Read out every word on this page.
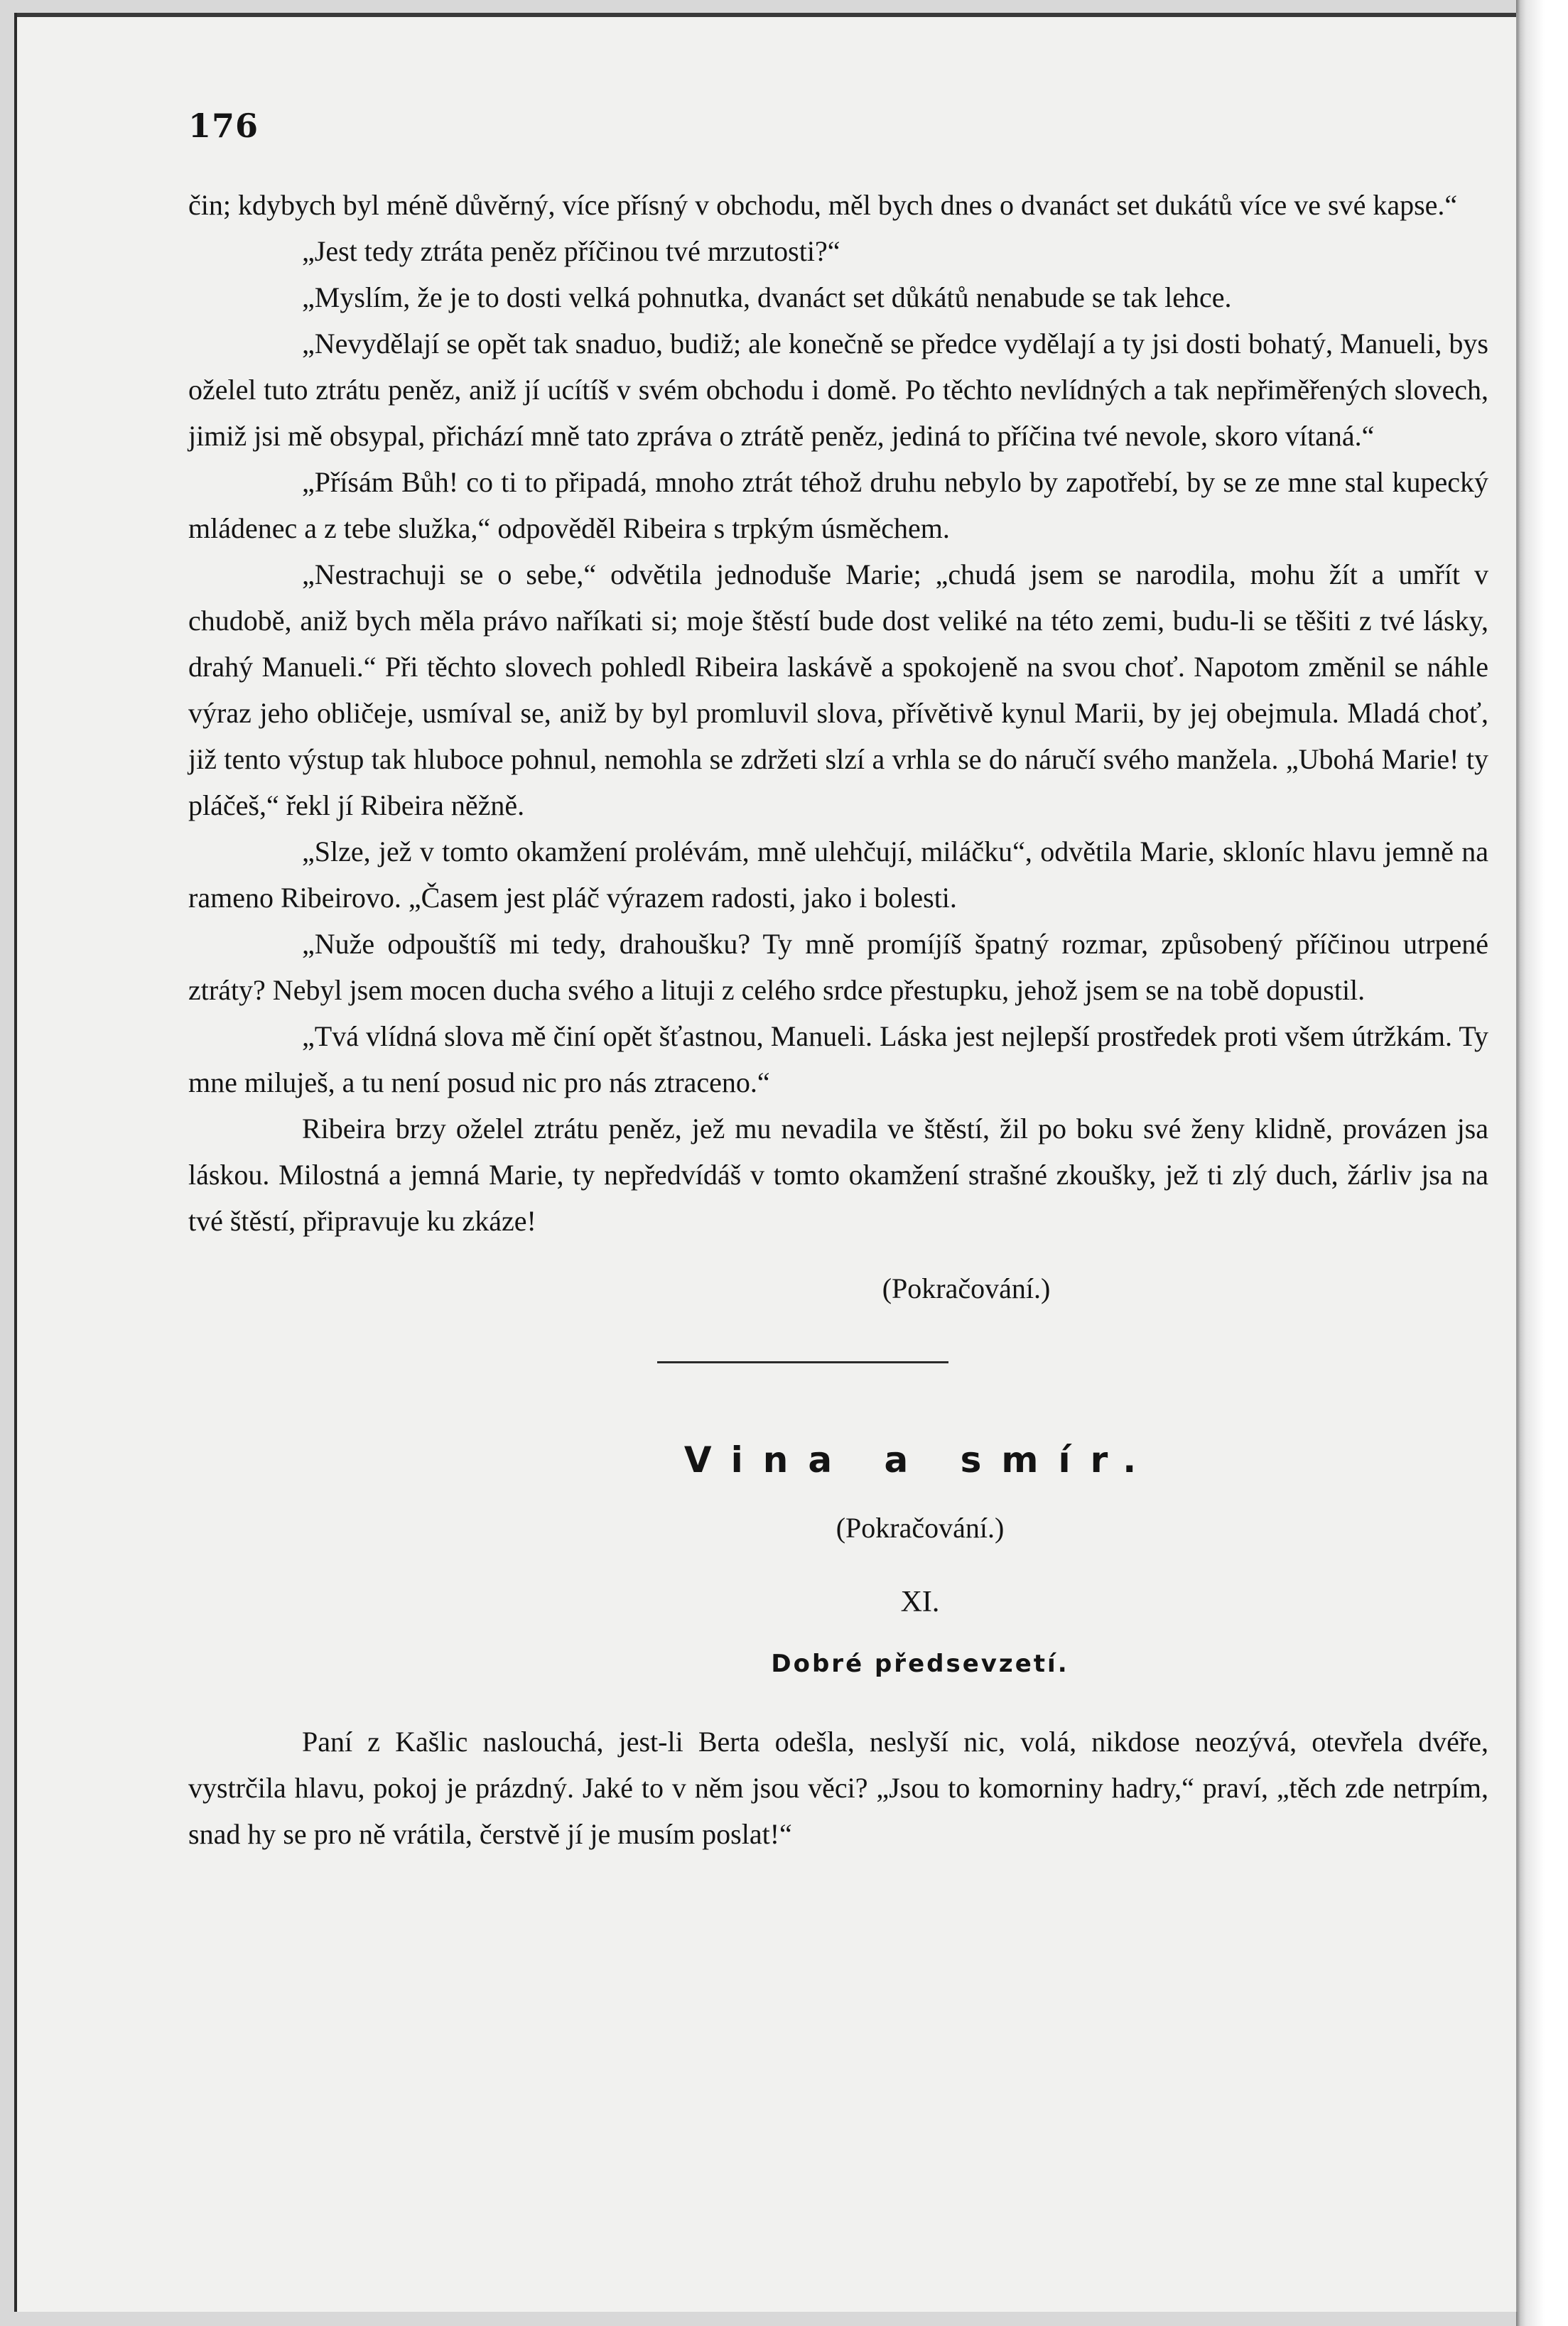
176

čin; kdybych byl méně důvěrný, více přísný v obchodu, měl bych dnes o dvanáct set dukátů více ve své kapse.“

„Jest tedy ztráta peněz příčinou tvé mrzutosti?“

„Myslím, že je to dosti velká pohnutka, dvanáct set důkátů nenabude se tak lehce.

„Nevydělají se opět tak snaduo, budiž; ale konečně se předce vydělají a ty jsi dosti bohatý, Manueli, bys oželel tuto ztrátu peněz, aniž jí ucítíš v svém obchodu i domě. Po těchto nevlídných a tak nepřiměřených slovech, jimiž jsi mě obsypal, přichází mně tato zpráva o ztrátě peněz, jediná to příčina tvé nevole, skoro vítaná.“

„Přísám Bůh! co ti to připadá, mnoho ztrát téhož druhu nebylo by zapotřebí, by se ze mne stal kupecký mládenec a z tebe služka,“ odpověděl Ribeira s trpkým úsměchem.

„Nestrachuji se o sebe,“ odvětila jednoduše Marie; „chudá jsem se narodila, mohu žít a umřít v chudobě, aniž bych měla právo naříkati si; moje štěstí bude dost veliké na této zemi, budu-li se těšiti z tvé lásky, drahý Manueli.“ Při těchto slovech pohledl Ribeira laskávě a spokojeně na svou choť. Napotom změnil se náhle výraz jeho obličeje, usmíval se, aniž by byl promluvil slova, přívětivě kynul Marii, by jej obejmula. Mladá choť, již tento výstup tak hluboce pohnul, nemohla se zdržeti slzí a vrhla se do náručí svého manžela. „Ubohá Marie! ty pláčeš,“ řekl jí Ribeira něžně.

„Slze, jež v tomto okamžení prolévám, mně ulehčují, miláčku“, odvětila Marie, skloníc hlavu jemně na rameno Ribeirovo. „Časem jest pláč výrazem radosti, jako i bolesti.

„Nuže odpouštíš mi tedy, drahoušku? Ty mně promíjíš špatný rozmar, způsobený příčinou utrpené ztráty? Nebyl jsem mocen ducha svého a lituji z celého srdce přestupku, jehož jsem se na tobě dopustil.

„Tvá vlídná slova mě činí opět šťastnou, Manueli. Láska jest nejlepší prostředek proti všem útržkám. Ty mne miluješ, a tu není posud nic pro nás ztraceno.“

Ribeira brzy oželel ztrátu peněz, jež mu nevadila ve štěstí, žil po boku své ženy klidně, provázen jsa láskou. Milostná a jemná Marie, ty nepředvídáš v tomto okamžení strašné zkoušky, jež ti zlý duch, žárliv jsa na tvé štěstí, připravuje ku zkáze!

(Pokračování.)
Vina a smír.
(Pokračování.)
XI.
Dobré předsevzetí.

Paní z Kašlic naslouchá, jest-li Berta odešla, neslyší nic, volá, nikdose neozývá, otevřela dvéře, vystrčila hlavu, pokoj je prázdný. Jaké to v něm jsou věci? „Jsou to komorniny hadry,“ praví, „těch zde netrpím, snad hy se pro ně vrátila, čerstvě jí je musím poslat!“
